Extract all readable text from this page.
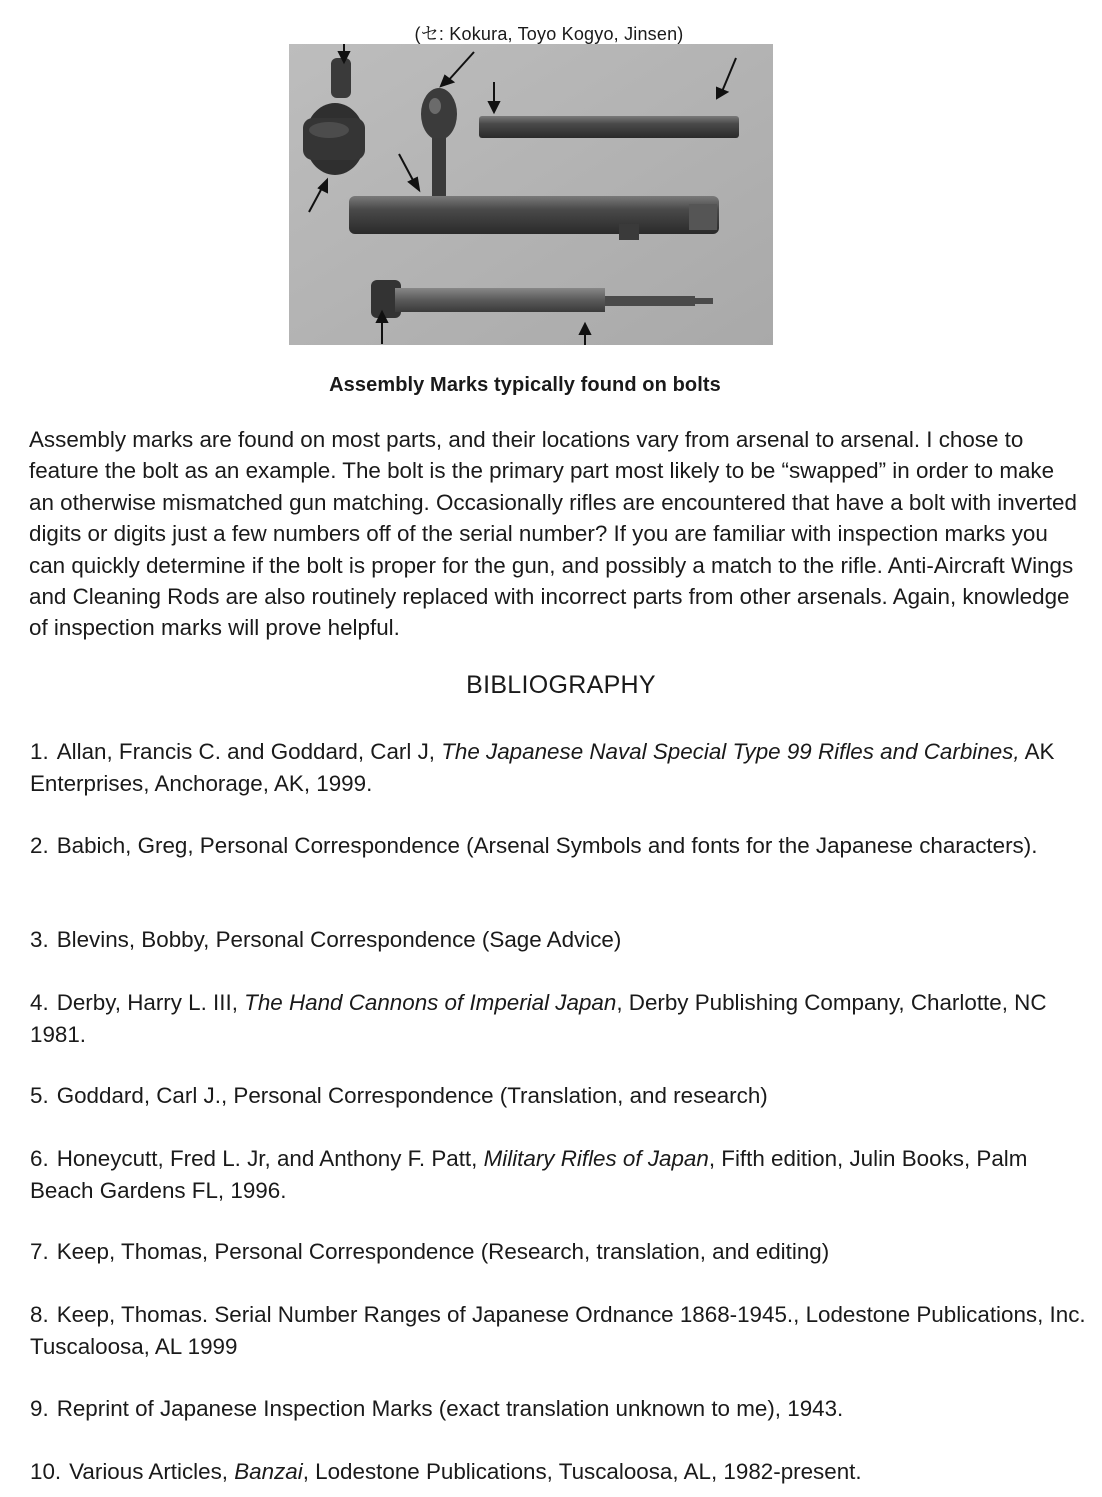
(セ: Kokura, Toyo Kogyo, Jinsen)
Assembly Marks typically found on bolts

Assembly marks are found on most parts, and their locations vary from arsenal to arsenal. I chose to feature the bolt as an example. The bolt is the primary part most likely to be “swapped” in order to make an otherwise mismatched gun matching. Occasionally rifles are encountered that have a bolt with inverted digits or digits just a few numbers off of the serial number? If you are familiar with inspection marks you can quickly determine if the bolt is proper for the gun, and possibly a match to the rifle. Anti-Aircraft Wings and Cleaning Rods are also routinely replaced with incorrect parts from other arsenals. Again, knowledge of inspection marks will prove helpful.

BIBLIOGRAPHY
1. Allan, Francis C. and Goddard, Carl J, The Japanese Naval Special Type 99 Rifles and Carbines, AK Enterprises, Anchorage, AK, 1999.
2. Babich, Greg, Personal Correspondence (Arsenal Symbols and fonts for the Japanese characters).
3. Blevins, Bobby, Personal Correspondence (Sage Advice)
4. Derby, Harry L. III, The Hand Cannons of Imperial Japan, Derby Publishing Company, Charlotte, NC 1981.
5. Goddard, Carl J., Personal Correspondence (Translation, and research)
6. Honeycutt, Fred L. Jr, and Anthony F. Patt, Military Rifles of Japan, Fifth edition, Julin Books, Palm Beach Gardens FL, 1996.
7. Keep, Thomas, Personal Correspondence (Research, translation, and editing)
8. Keep, Thomas. Serial Number Ranges of Japanese Ordnance 1868-1945., Lodestone Publications, Inc. Tuscaloosa, AL 1999
9. Reprint of Japanese Inspection Marks (exact translation unknown to me), 1943.
10. Various Articles, Banzai, Lodestone Publications, Tuscaloosa, AL, 1982-present.
